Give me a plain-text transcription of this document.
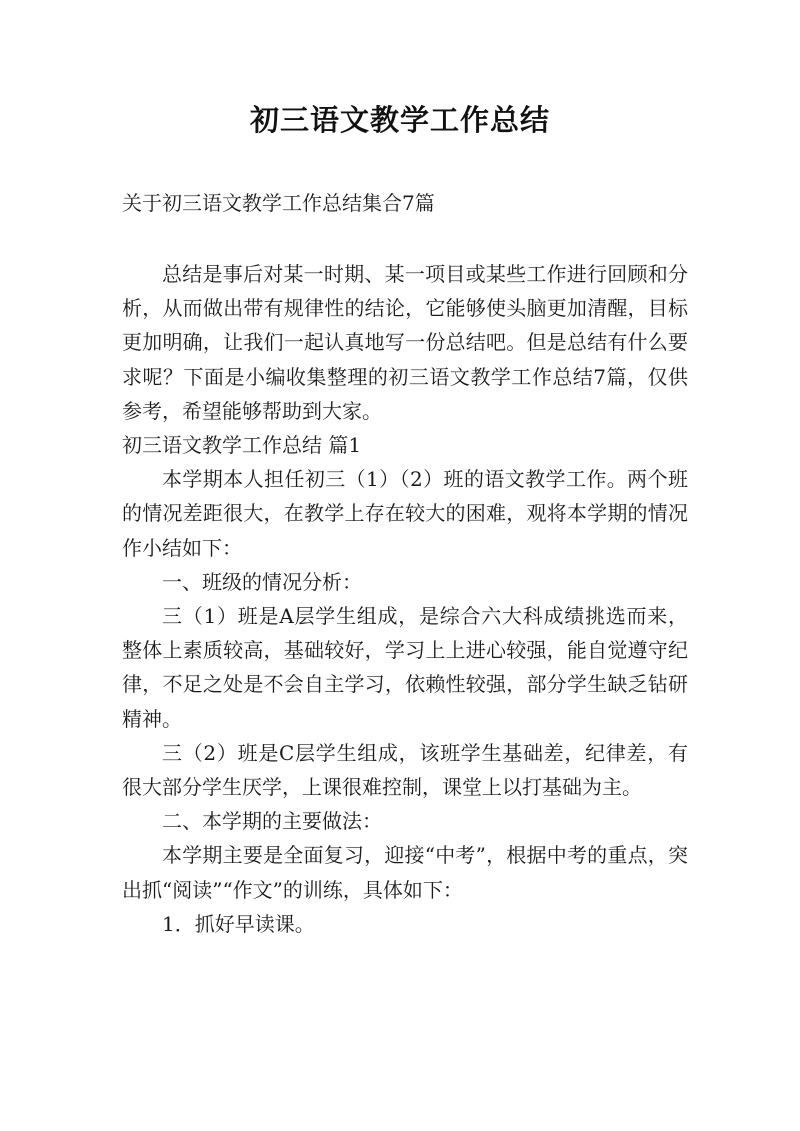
初三语文教学工作总结
关于初三语文教学工作总结集合7篇

总结是事后对某一时期、某一项目或某些工作进行回顾和分析，从而做出带有规律性的结论，它能够使头脑更加清醒，目标更加明确，让我们一起认真地写一份总结吧。但是总结有什么要求呢？下面是小编收集整理的初三语文教学工作总结7篇，仅供参考，希望能够帮助到大家。

初三语文教学工作总结 篇1

本学期本人担任初三（1）（2）班的语文教学工作。两个班的情况差距很大，在教学上存在较大的困难，观将本学期的情况作小结如下：

一、班级的情况分析：

三（1）班是A层学生组成，是综合六大科成绩挑选而来，整体上素质较高，基础较好，学习上上进心较强，能自觉遵守纪律，不足之处是不会自主学习，依赖性较强，部分学生缺乏钻研精神。

三（2）班是C层学生组成，该班学生基础差，纪律差，有很大部分学生厌学，上课很难控制，课堂上以打基础为主。

二、本学期的主要做法：

本学期主要是全面复习，迎接“中考”，根据中考的重点，突出抓“阅读”“作文”的训练，具体如下：

1．抓好早读课。
